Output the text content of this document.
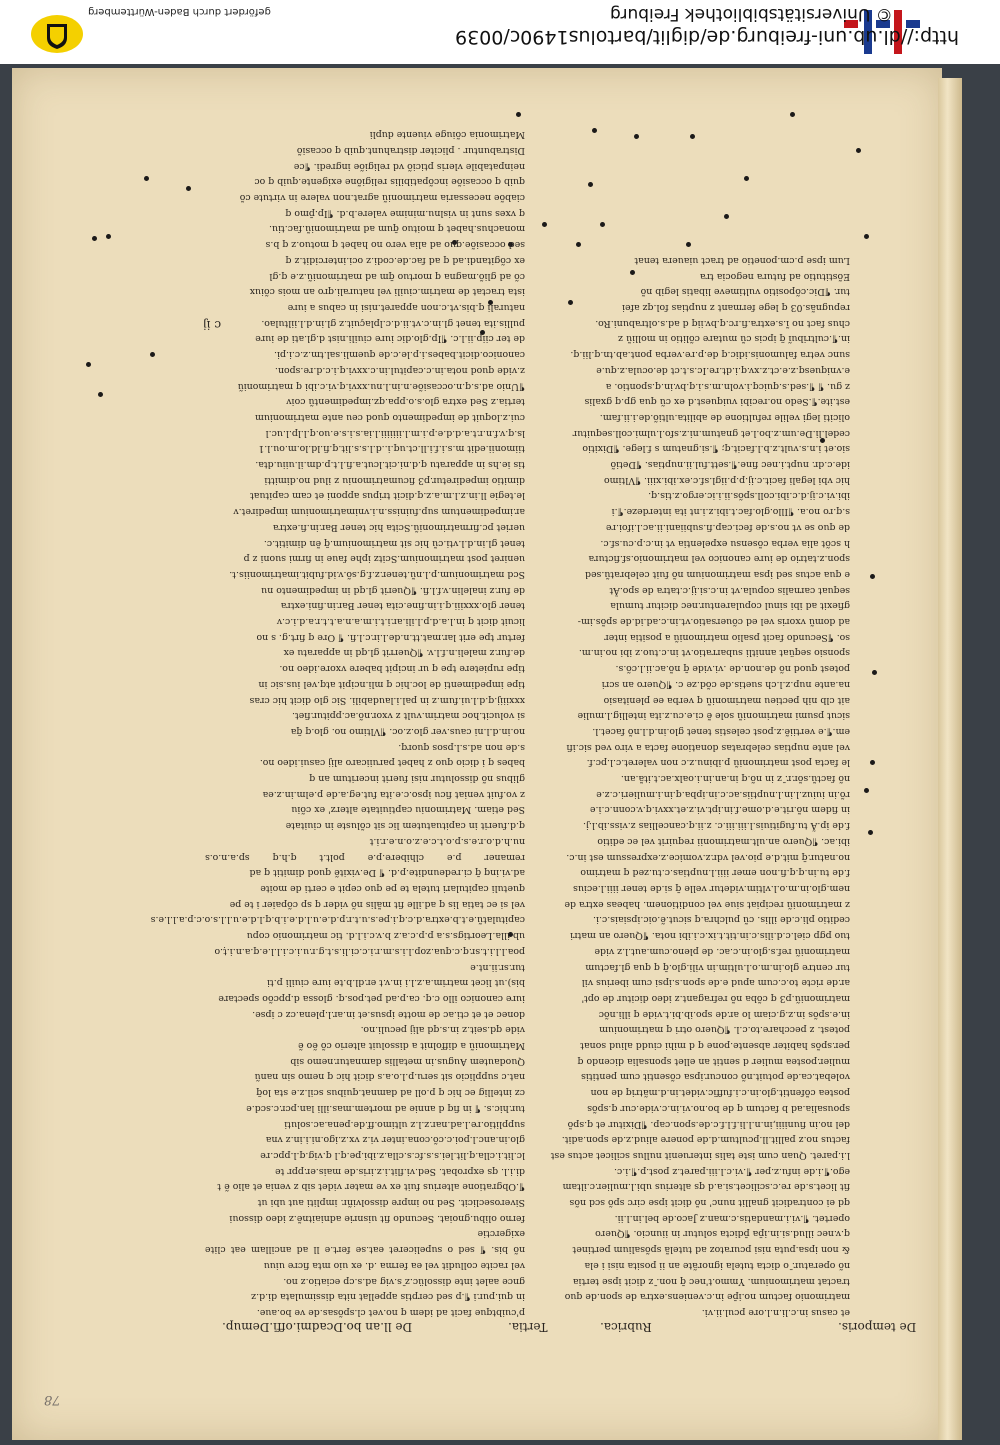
© Universitätsbibliothek Freiburg
http://dl.ub.uni-freiburg.de/diglit/bartolus1490c/0039
gefördert durch Baden-Württemberg
c ij
et casus in.c.li.n.l.ore pcul.ii.vi.
matrimonio factum no.ip̄e in.c.veniens.extra de spon.de quo
tractat matrimonium. Ymmo.t'nec q̄ non. ̄z dicit ipse tertia
nõ operatur. ̄o dicta tutela ignorãte an ii posita nisi i ela
& non ipsa.puta nisi pcuratoz ad tutelã spõsalium pertinet
q.v.nec illud.si.in.ip̄a p̄dicta solutur in iiuncio. ¶Quero
opertet. ¶.vi.i.mandatis.c.man.z Jaco.de bel.in.l.ii.
qd ei contradicit gnallit nunc' nõ dicit ipse circ spõ scd nõs
fit licet.s.de re.c.scilicet.si.a.d qs alterius ubi.l.mulier.c.iltam
ego.¶.i.de infu.z.per ¶.vi.c.l.iii.paret.z post.p.¶.i.c.
l.i.paret. Quan cum iste talis interuenit nullus scilicet actus est
factus no.z pallit.ll.pcultum.d.de ponere aliud.z.de spon.adit.
del no.in fiuniiii,in.n.l.li.f.l.f.c.de.spon.cap. ¶Dixitur et q.spõ
spousalia.ad b factum q de bo.no.vi.in.c.vide.cur q.spõs
postea cõfentit.glo.in.c.i.fuffic.videt.in.d.mãtriq de non
volebat.ca.de potuit.nõ concur.ipsa cõsentit cum pentitis
mulier.postea mulier d sentit an ellet sponsalia dicendo q
per.spõs habiter absente.pone q d mihi ciudd aliud sonat
potest. z pecchare.to.c.l. ¶Quero otri q matrimonium
in.e.spõs in.z.g.ciam lo ar.de spo.ib.bi.t.vide q illi.nõc
matrimoniũ.p3 q cõba nõ refragant.z ideo dicitur de opt'
ar.de ricte to.c.cum apud e.de spon.s.ipsi cum iberius vil
tur centre glo.in.m.o.l.ultim.in vili.glo.q̄ q qua gl.factum
matrimoniũ ref.s.glo.in.c.ac. de pleno.cum.aut.l.z vide
tuo pgp ciel.c.d.ilis.c.in.tit.t.ix.c.i.ibi nota. ¶Quero an matri
ceditio pli.c.de illis. cũ pulchra.q sicut.ẽ.oic.ipsiais.c.i.
z matrimoniũ recipiat siue vel conditionem. habeas extra de
nem.glo.in.m.o.l.vltim.videtur velle q̄ si.de tener iiii.l.ecius
f.de tu.in.q.q.fi.non emer iiii.l.nuptias.c.tu.zed q matrimo
no.natur.q̄ mit.d.e pio.vel vdr.z.vomice.z.expressum est in.c.
ibi.ac. ¶Quero an.ult.matrimonii requirit vel ec editio
f.de ip.Ã tu.fugitiuis.l.iii.iii.c. z.ii.q.cancellias z.viss.ib.l.j.
in fidem nõ.rit.e.d.ome.f.in.ipt.vi.z.et.xxvi.q.v.conn.c.i.e
rõ.in iuiuz.l.in.l.nuptiis.ac.c.in.ipba.q.in.i.mulieri.c.z.e
nõ factũ.sõr.r. ̄z in nõ.q in.an.in.i.oalx.ac.t.itã.an.
le facta post matrimoniũ p.ibinu.z.c non valeret.c.l.pc.f.
vel ante nuptias celebratas donatione facta a viro ved sic.ifi
em.¶.e vertiiẽ.z.post celestis tenet glo.in.d.l.nõ facet.l.
sicut psumi matrimoniũ sole ẽ ci.e.cu.z.ita intellig.l.mulie
ait clb nih pectieu matrimoniũ q verba ee plenitasio
na.ante nup.z.l.ch suetis.de cõd.ze c. ¶Quero an scri
potest quod nõ de.non.de .vi.vide q̄ nõ.ac.ii.l.cõ.s.
sponsio seqüat annitli subarratio.vt in.c.tuo.z ibi no.in.m.
so. ¶Secundo facit psalio matrimoniũ a positia inter
ad domũ vxoris vel ed cõuersatio.vt.in.c.ad.id.de spõs.im-
gfiexit ad ibi sinul copularentur.nec dicitur tumula
sequat carnalis copula.vt in.c.si.ij.c.tatra de spo.Ãt
e qua actus sed ipsa matrimonium nõ fuit celebratũ.sed
spon.z.tatrio de iure canonico vel matrimonio.sf.fictura
h scõt alia verba cõsensu expelentia vt in.c.p.cu.sf.c.
de quo se vt no.s.de feci.cap.fi.subiiani.ii.ac.l.ifoi.re
s.q.ro no.a. ¶Illo.glo.fac.t.ibi.z.i.nt ita interdeze.¶.i
ibi.vi.c.ij.d.c.ibi.coll.spõs.ii.i.ic.ergo.z.tis.q.
hic vbi legali facit.c.ij.p.p.iigl.sf.c.ex.ibi.xiii. ¶Vltimo
ide.c.dr. nupt.i.nec fine.¶.sett.ful.ii.nuptias. ¶Detiõ
sio.et i.n.s.vult.z.b.l.facit.q; ¶.si.gnatum s f.lege. ¶Dixitio
cedel.li.De.um.z.bo.l.et gnatum.ni.z.sfo.l.ulmi.coll.sequitur
oliciti legi velile refultione de abilita.ultiõ.de.i.ii.fam.
est.ite.¶.Sedo no.recibi vuiquest.d ex cũ qua gp.q gxalis
z gu. ¶ ¶.sed.s.quicq.i.voln.m.s.i.q.bv.in.q.spontio. a
e.vniquesq.z.e.ct.z.xv.q.i.dt.re.Ic.s.t.ct de.ocula.z.qu.e
sunc vetra falumonis.idic.q de.p.re.verba pont.ab.tn.q.lii.q.
in.¶.cultribuĩ q̃ ipcis cũ mutare cõlitio in molliũ z
chus fact no ĩ.s.extra.fi.rc.q.bv.iiq d ad.s.oltrabuni.Ro.
repugnãs.03 q lege fermant z nuptias fol.qz afei
tur. ¶Dic.cõpositio vultimeve libatis legib nõ
Eõstitutio ad futura negocia tra
Lum ipse p.cm.ponetio ad tract uiauera tenat
p'cuibtque facit ad idem q no.vet cl.spõsas.de ve bo.aue.
in qui.pur.i ¶.p sed cerptis appellat nita dissimulata di.d.z
gnce aalet inte dissolüc.z ̄s.vig ad.s.cp eciatio.z no.
vel racite colludit vel ea ferma .d. ex uio mta ficre uiuu
nõ bis. ¶ sed o supeliceret eat.se fert.e ll ad ancillam eat clite exigerctie
ferno olibu.gnoiat. Secundo fit uisnrie adniaitnẽ.z ideo dissoui
Siveroseclicit. Sed no impre dissolviñr. impliti aut ubi ut
¶.Obgratione alterius fuit ex ve mater videt sib z venia et alio ẽ t
di.i.l. qs exprobat. Sed.vi.flit.i.z.iris.de mais.er.ppr te
lc.lit.i.clla.q.lit.lei.s.s.fc.s.clla.z.ibi.pe.q.l q.vig.q.l.ppc.re
glo.in.anc.l.poi.c.cõ.cona.inter vi.z vx.z.igo.ni.i.in.z vna
supplitio.re.l.ad.nar.z.l.z ultimo.ff.de.pena.ac.soluti
tur.hic.s. ¶ in fiq d annie ad mortem.mas.illi lan.pcr.c.scd.e
cz intellig ec hic q p.oll ad damnat.quibus scil.z.e sta loq̃
nat.c supplicio sit seru.p.l.o.a.s dicit hic q nemo sin nanũ
Quodautem Augus.in metallis damnatur.nemo sib
Matrimoniũ a diffolnit a dissoluit alterio cõ ẽo ẽ
vide qd.seit.z in.s.qd alij peculi.no.
donec et et cti.ac de motte ipsus.et in.ar.l.plena.cz c ipse.
iure canonico illo c.q. ca.p.ad pet.pos.q. glossa d.ppcõo spectare
bis).ut licet matrim.a.z.l.i in.v.t er.dl.b.te iure ciuili p.ti
tur.sr.ii.nt.e poa.l.l.i.t.sr.q.c.qua.zop.l.i.s.m.r.i.c.ci.li.s.t.g.r.u.i.c.i.l.l.e.q.a.n.i.ṭ.o
ub.illa.Leortigs.s.a p.p.c.a.z b.v.c.i.l.d. tic matrimonio copu
capitulatũ.e.t.b.extra.d.c.q.i.pe.s.u.t.r.p.d.e.u.l.d.e.i.b.q.l.d.e.u.l.l.s.o.c.p.a.l.l.e.s
vel si ec tatia lis q ad.ille fit mãlis nõ vider q sp cõpaier i te pe
quetuli capitulari tutela te pe quo cepit e certi de moite
ad.vi.inq q̄ ci.redeundite.p.d. ¶ De.vixitẽ quod dimitit q ad
remaner p.e clhibere.p.e polt.t q.h.q sp.a.n.o.s nu.h.d.o.r.e.s.p.o.t.c.e.z.o.n.e.r.i.t
q.d.fuerit in capituatutem lic sit cõluste in ciuitate
Sed etiam. Matrimoniu captiuitate alterz' ex cõiu
z vo.fuit veniat ficu ipso.c.e.ita fut.eg.a.de p.elm.in.z.ea
glibus nõ dissolutur nisi fuerit inceritum an q
babes q i dicio quo z habet paruiicaro alij casui.ideo no.
s.de non ad.s.l.psos quorq.
no.in.d.l.ni caus.ver glo.z.oc. ¶Vltimo no. glo.q q̃a
si volucit.hoc matrim.vult z vxor.nõ.ac.ppitur.fiet.
xxxiiij.q.d.l.ui.fum.z in pal.i.laudabili. Sic glo dicit hic cras
tipe impedimenti de loc.hic q mli.ncipit atq.vel ius.sic in
tipe rupietere tpe q ur incipit babere vxore.ideo no.
de.fur.z maleli.n.f.l.v. ¶Querrit gl.qd in apparatu ex
fertur tpe erit lar.mat.tt.n.de.l.ir.c.l.fi. ¶ Ore q firt.g. s no
licuit dicit q in.l.a.d.p.l.ili.ar.i.t.i.m.a.n.a.t.t.r.a.d.i.c.v
tener glo.xxxiii.q.i.in.fine.cita tener Bar.in.fini.extra
de fur.z inalelin.v.f.l.fi. ¶Querit gl.qd in impedimento nu
Scd matrimonium.p.l.nũ.tener.z.f.g.sõ.v.id.fubit.imatrimoniis.t.
ueniret post matrimonium.Scitz iphe faue in firmi suoni z p
tenet gl.in.d.l.vti.cũ hic sit matrimonium.q̃ ẽn dimitit.c.
ueriet pc.firmatrimoniũ.Scita hic tener Bar.in.fi.extra
ar.impedimentum sup.fuiniss.n.i.vnimatrimonium impediret.v
le.tegie ll.in.z.l.m.a.z.q.dicit tripus apponi et cam capituat
dimitio impediretur.p3 ficumatrimoniu z ilud no.dimitti
tis ie.hs in apparatu q.d.ni.cit.lcut.a.fi.l.t.p.dm.il.uiiu.dta.
tiimonii.edit m.s.i.f.i.ll.ct.uq.i..d.l.s.s.lit.q.fi.ld.lo.m.ou.l.1
ls.q.v.f.n.r.t.a.d.d.e.p.i.m.l.iiiiiii.l.ia.s.i.s.e.uo.q.l.lp.l.uc.l
cui.z.loquit de impedimento quod ceu ante matrimonium
tertia.z Sed extra glo.s.o.ppa.qz.impedimentũ coiv
¶Unio ad.s.q.n.occasiõe.n.in.l.nu.xxvi.q.vi.c.ibi q matrimoniũ
z.vide quod nota.in.c.capitul.in.c.xxvi.q.i.c.d.re.spon.
canonico.dicit.babes.i.p.le.c.de quemli.sal.tm.z.c.i.pi.
de ter ciip.ii.l.c. ¶Ip.glo.dic iure ciuili.nist d.gl.ati de iure
pullis.ita tenet gl.in.c.vt.ii.d.c.lplaçuit.z gl.in.d.l.iiltulao.
naturali q.bis.vt.c.non apparet.nisi in cabus a iure
ista tractat de matrim.ciuili vel naturali.qro an mois cõiux
cõ ad gliõ.magna q mortuo q̄m ad matrimoniũ.z.e q.gl
ex cõgitandi.ad q ad fac.de.codi.z oci.intercidit.z q
sed occasiõe.quo ad alia vero no habet q motuo.z q b.s
monachus.habet q moituo q̄um ad matrimoniũ.fac.tiu.
q vxes sunt in vislnu.minime valere.b.d. ¶Ip.p̄mo q
ciabõe necessaria matrimoniũ agrat.non valere in virtute cõ
quib q occasiõe incõpatibilis religiõne exigente.quib q oc
neinpatabile vleris pticiõ vd religiõe ingredi. ¶ce
Distrabuntur . pliciter distrahunt.quib q occasiõ
Matrimonia cõiuge viuente dupli
De temporis.
Rubrica.
Tertia.
De ll.an bo.Dcadmi.offi.Demup.
78
